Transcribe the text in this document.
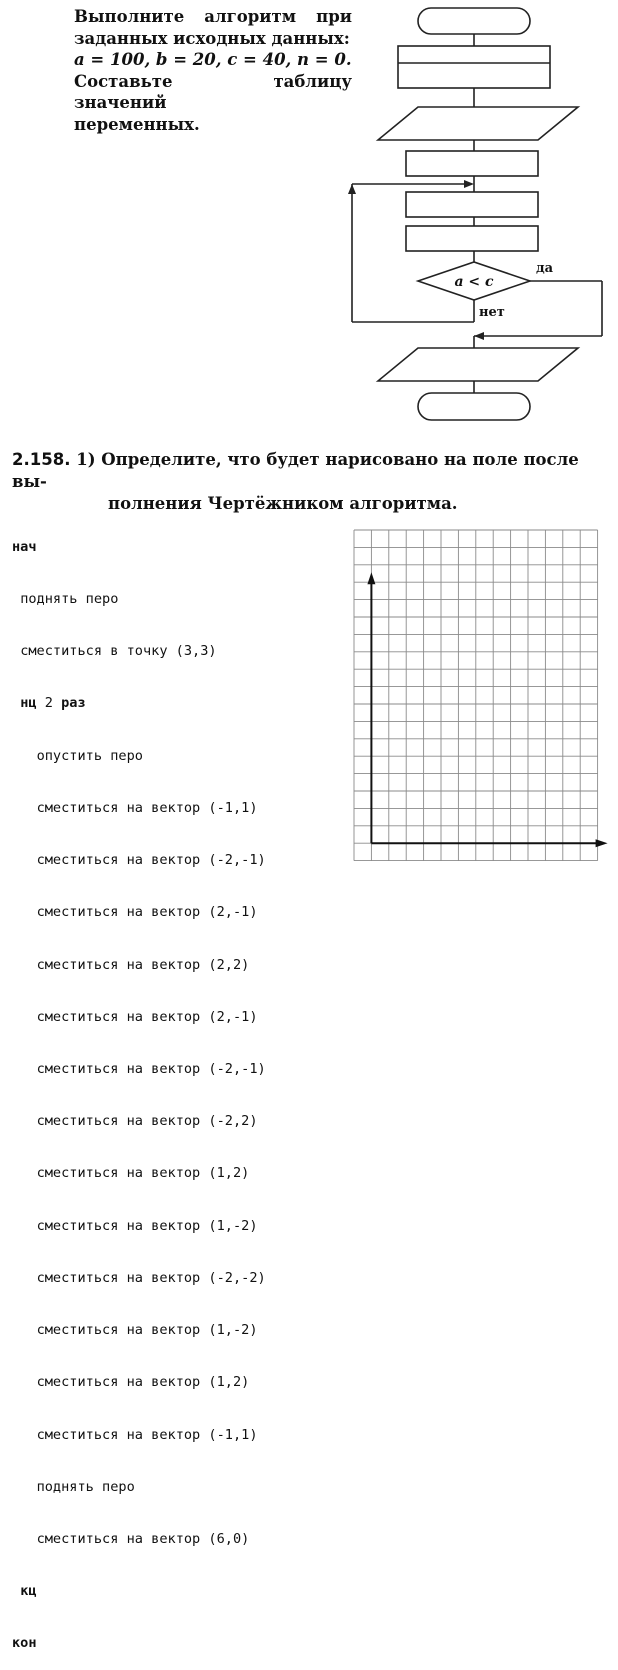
Выполните алгоритм при
заданных исходных данных:
a = 100, b = 20, c = 40, n = 0.
Составьте таблицу значений
переменных.
a < c
да
нет
2.158. 1) Определите, что будет нарисовано на поле после вы-
полнения Чертёжником алгоритма.

нач

поднять перо

сместиться в точку (3,3)

нц 2 раз

опустить перо

сместиться на вектор (-1,1)

сместиться на вектор (-2,-1)

сместиться на вектор (2,-1)

сместиться на вектор (2,2)

сместиться на вектор (2,-1)

сместиться на вектор (-2,-1)

сместиться на вектор (-2,2)

сместиться на вектор (1,2)

сместиться на вектор (1,-2)

сместиться на вектор (-2,-2)

сместиться на вектор (1,-2)

сместиться на вектор (1,2)

сместиться на вектор (-1,1)

поднять перо

сместиться на вектор (6,0)

кц

кон
